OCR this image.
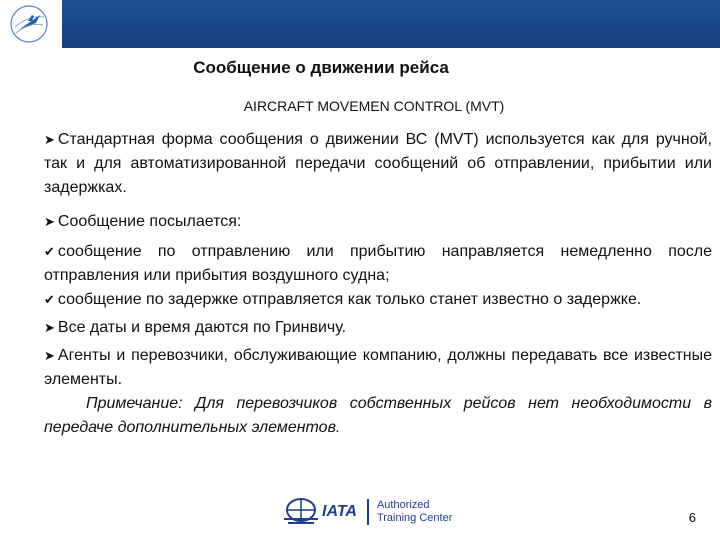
Сообщение о движении рейса
AIRCRAFT MOVEMEN CONTROL (MVT)

➤ Стандартная форма сообщения о движении ВС (MVT) используется как для ручной, так и для автоматизированной передачи сообщений об отправлении, прибытии или задержках.

➤ Сообщение посылается:

✔ сообщение по отправлению или прибытию направляется немедленно после отправления или прибытия воздушного судна;

✔ сообщение по задержке отправляется как только станет известно о задержке.

➤ Все даты и время даются по Гринвичу.

➤ Агенты и перевозчики, обслуживающие компанию, должны передавать все известные элементы.

Примечание: Для перевозчиков собственных рейсов нет необходимости в передаче дополнительных элементов.

IATA Authorized
Training Center	6
